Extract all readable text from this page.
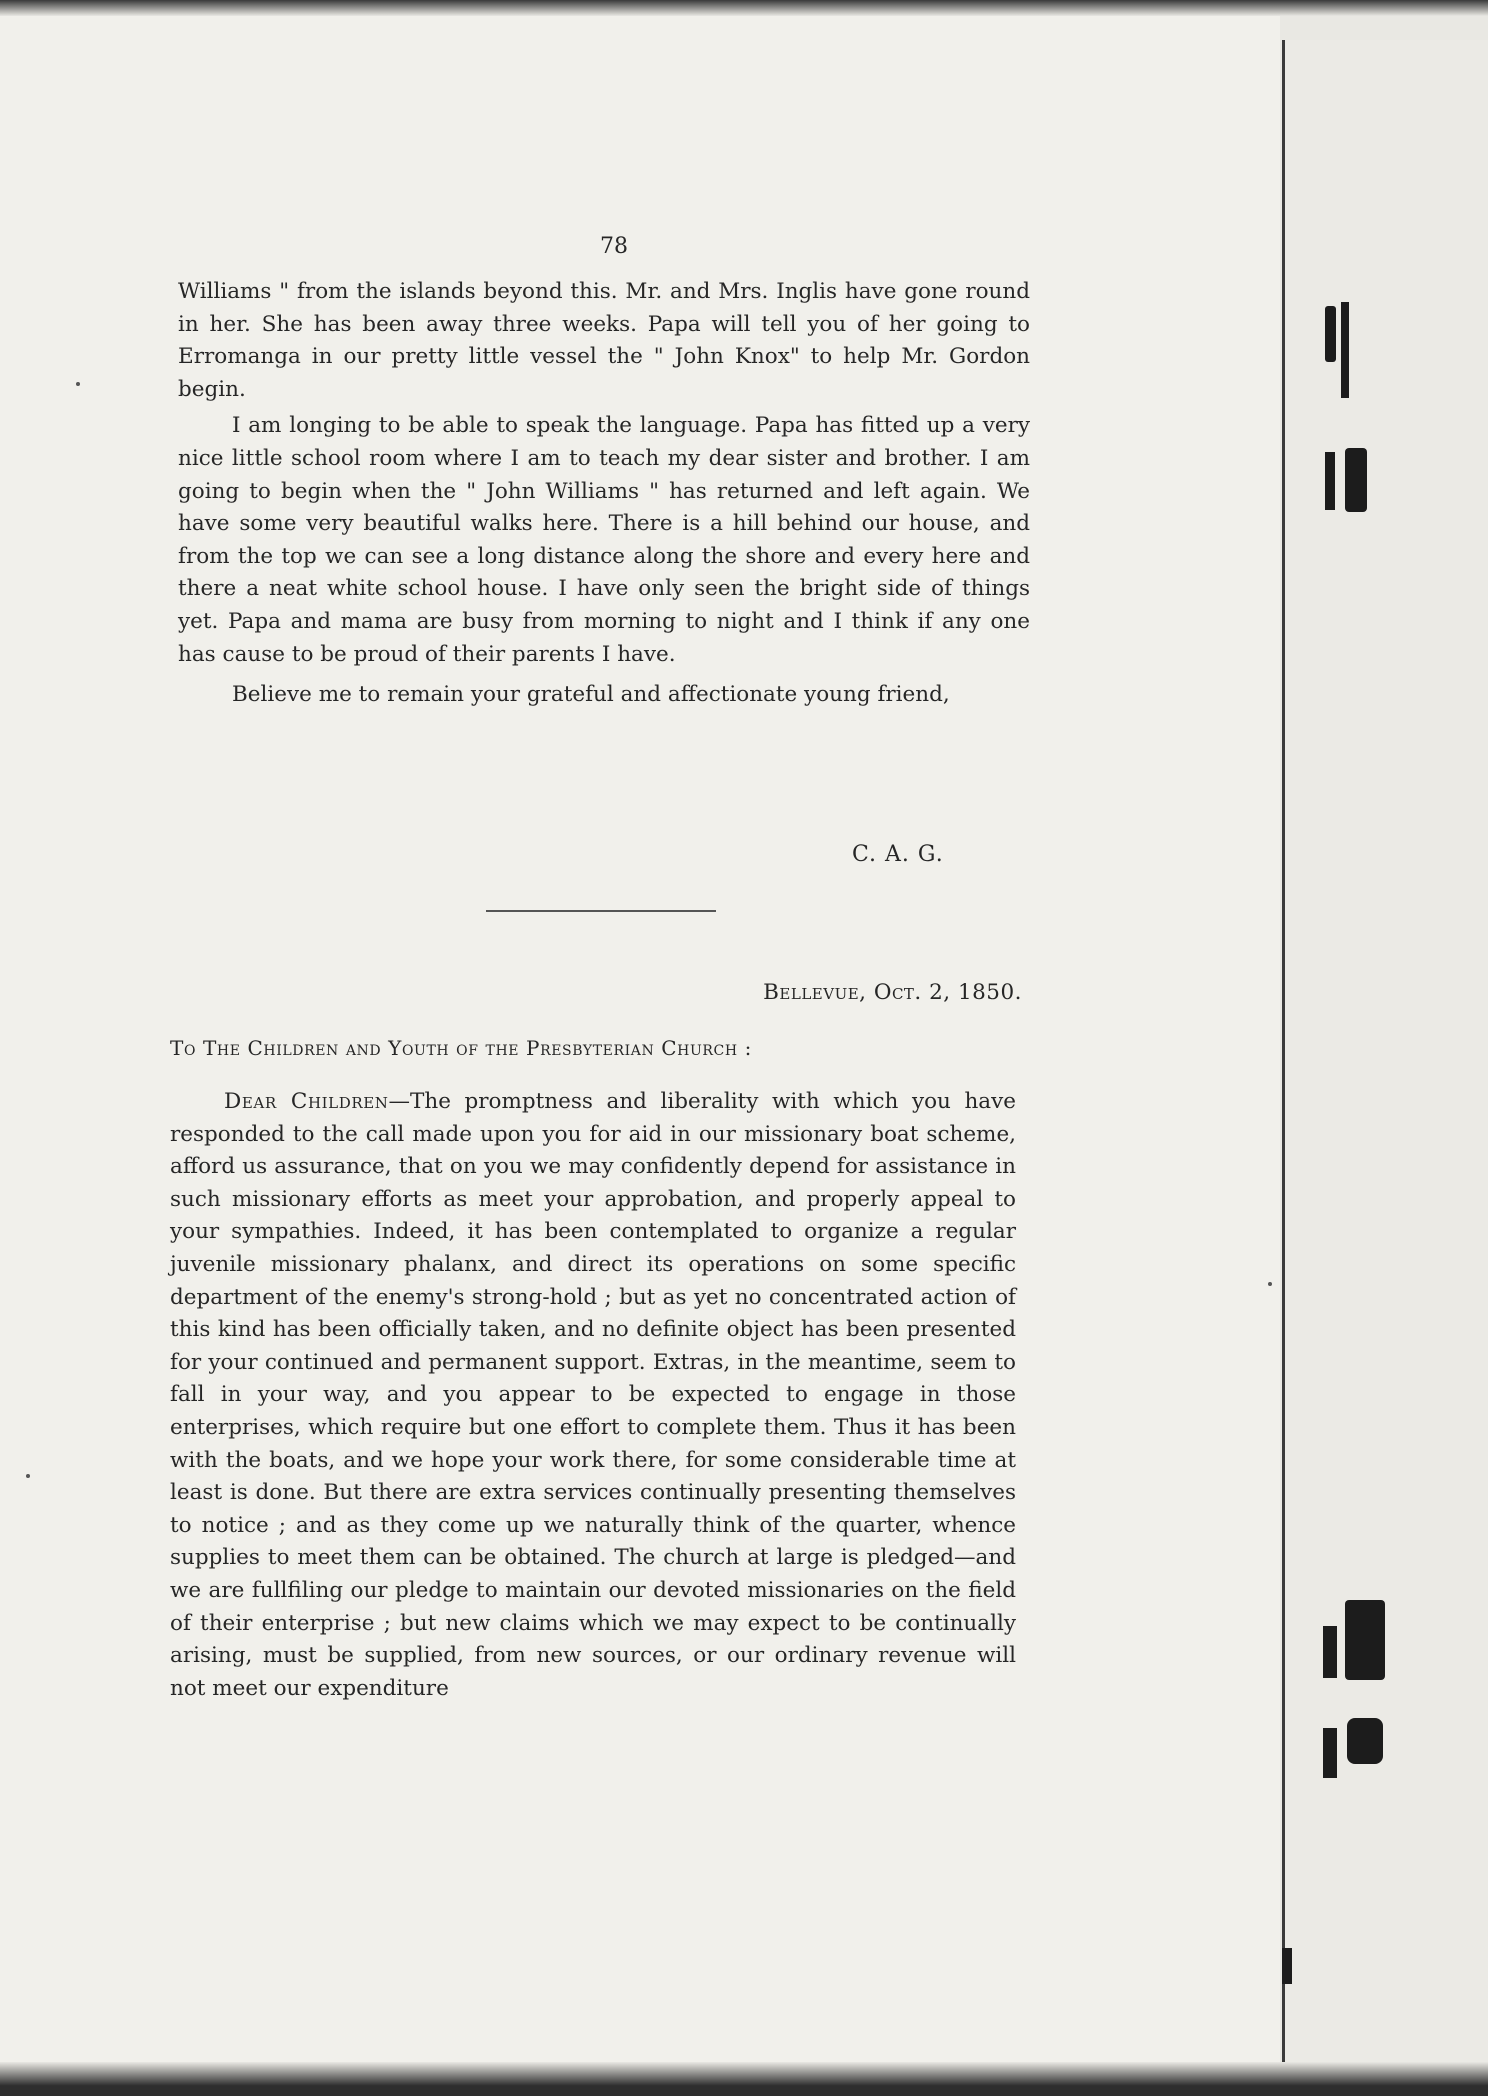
78

Williams " from the islands beyond this. Mr. and Mrs. Inglis have gone round in her. She has been away three weeks. Papa will tell you of her going to Erromanga in our pretty little vessel the " John Knox" to help Mr. Gordon begin.

I am longing to be able to speak the language. Papa has fitted up a very nice little school room where I am to teach my dear sister and brother. I am going to begin when the " John Williams " has returned and left again. We have some very beautiful walks here. There is a hill behind our house, and from the top we can see a long distance along the shore and every here and there a neat white school house. I have only seen the bright side of things yet. Papa and mama are busy from morning to night and I think if any one has cause to be proud of their parents I have.

Believe me to remain your grateful and affectionate young friend,

C. A. G.
Bellevue, Oct. 2, 1850.
To The Children and Youth of the Presbyterian Church :

Dear Children—The promptness and liberality with which you have responded to the call made upon you for aid in our missionary boat scheme, afford us assurance, that on you we may confidently depend for assistance in such missionary efforts as meet your approbation, and properly appeal to your sympathies. Indeed, it has been contemplated to organize a regular juvenile missionary phalanx, and direct its operations on some specific department of the enemy's strong-hold ; but as yet no concentrated action of this kind has been officially taken, and no definite object has been presented for your continued and permanent support. Extras, in the meantime, seem to fall in your way, and you appear to be expected to engage in those enterprises, which require but one effort to complete them. Thus it has been with the boats, and we hope your work there, for some considerable time at least is done. But there are extra services continually presenting themselves to notice ; and as they come up we naturally think of the quarter, whence supplies to meet them can be obtained. The church at large is pledged—and we are fullfiling our pledge to maintain our devoted missionaries on the field of their enterprise ; but new claims which we may expect to be continually arising, must be supplied, from new sources, or our ordinary revenue will not meet our expenditure
